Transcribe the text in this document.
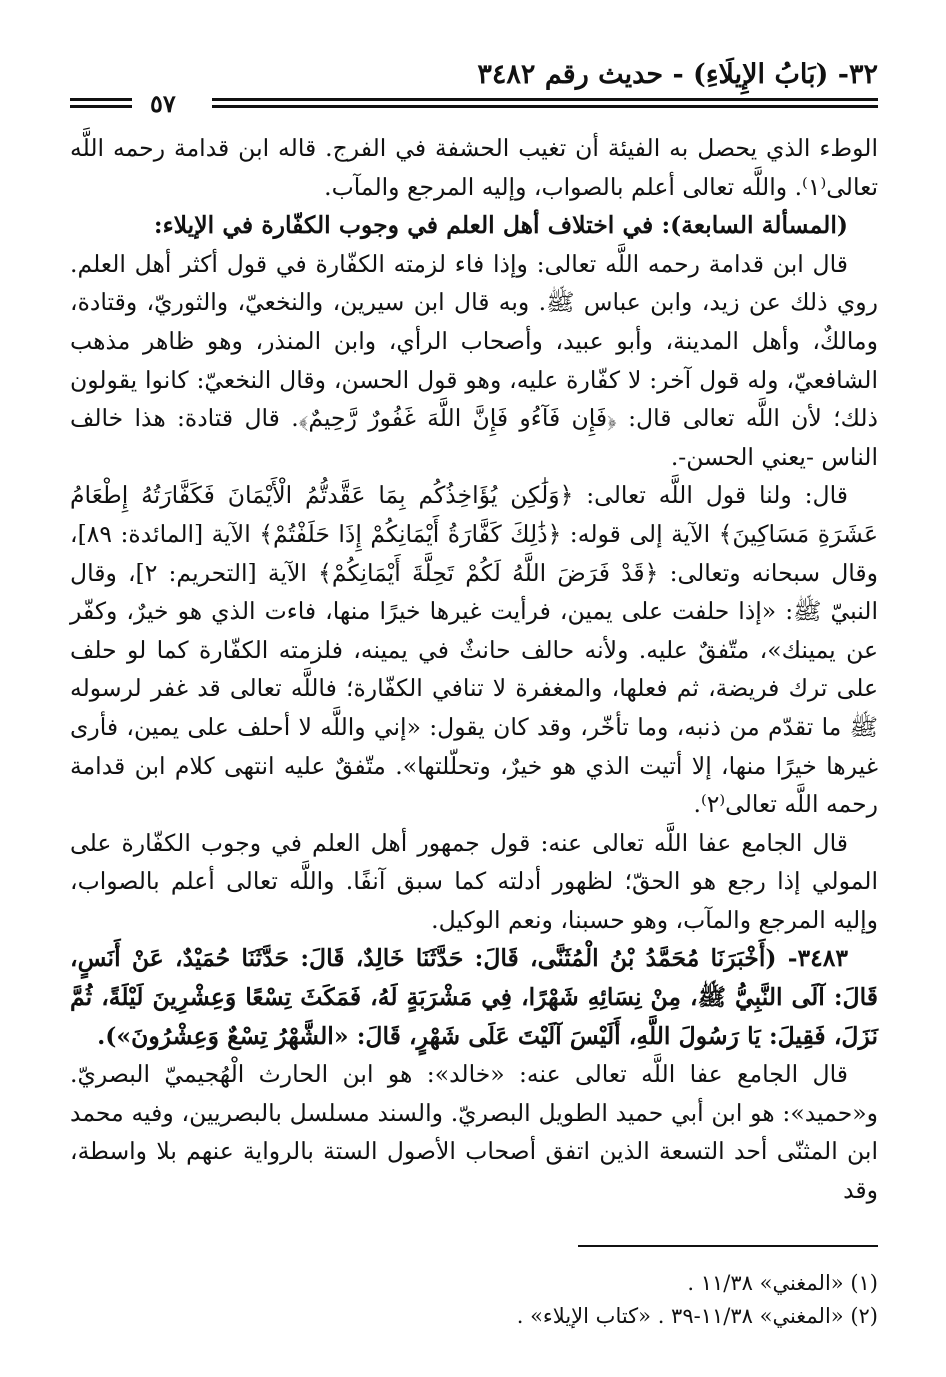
٣٢- (بَابُ الإِيلَاءِ) - حديث رقم ٣٤٨٢
٥٧

الوطء الذي يحصل به الفيئة أن تغيب الحشفة في الفرج. قاله ابن قدامة رحمه اللَّه تعالى⁽١⁾. واللَّه تعالى أعلم بالصواب، وإليه المرجع والمآب.

(المسألة السابعة): في اختلاف أهل العلم في وجوب الكفّارة في الإيلاء:

قال ابن قدامة رحمه اللَّه تعالى: وإذا فاء لزمته الكفّارة في قول أكثر أهل العلم. روي ذلك عن زيد، وابن عباس ﷺ. وبه قال ابن سيرين، والنخعيّ، والثوريّ، وقتادة، ومالكٌ، وأهل المدينة، وأبو عبيد، وأصحاب الرأي، وابن المنذر، وهو ظاهر مذهب الشافعيّ، وله قول آخر: لا كفّارة عليه، وهو قول الحسن، وقال النخعيّ: كانوا يقولون ذلك؛ لأن اللَّه تعالى قال: ﴿فَإِن فَآءُو فَإِنَّ اللَّهَ غَفُورٌ رَّحِيمٌ﴾. قال قتادة: هذا خالف الناس -يعني الحسن-.

قال: ولنا قول اللَّه تعالى: ﴿وَلَٰكِن يُؤَاخِذُكُم بِمَا عَقَّدتُّمُ الْأَيْمَانَ فَكَفَّارَتُهُ إِطْعَامُ عَشَرَةِ مَسَاكِينَ﴾ الآية إلى قوله: ﴿ذَٰلِكَ كَفَّارَةُ أَيْمَانِكُمْ إِذَا حَلَفْتُمْ﴾ الآية [المائدة: ٨٩]، وقال سبحانه وتعالى: ﴿قَدْ فَرَضَ اللَّهُ لَكُمْ تَحِلَّةَ أَيْمَانِكُمْ﴾ الآية [التحريم: ٢]، وقال النبيّ ﷺ: «إذا حلفت على يمين، فرأيت غيرها خيرًا منها، فاءت الذي هو خيرٌ، وكفّر عن يمينك»، متّفقٌ عليه. ولأنه حالف حانثٌ في يمينه، فلزمته الكفّارة كما لو حلف على ترك فريضة، ثم فعلها، والمغفرة لا تنافي الكفّارة؛ فاللَّه تعالى قد غفر لرسوله ﷺ ما تقدّم من ذنبه، وما تأخّر، وقد كان يقول: «إني واللَّه لا أحلف على يمين، فأرى غيرها خيرًا منها، إلا أتيت الذي هو خيرٌ، وتحلّلتها». متّفقٌ عليه انتهى كلام ابن قدامة رحمه اللَّه تعالى⁽٢⁾.

قال الجامع عفا اللَّه تعالى عنه: قول جمهور أهل العلم في وجوب الكفّارة على المولي إذا رجع هو الحقّ؛ لظهور أدلته كما سبق آنفًا. واللَّه تعالى أعلم بالصواب، وإليه المرجع والمآب، وهو حسبنا، ونعم الوكيل.

٣٤٨٣- (أَخْبَرَنَا مُحَمَّدُ بْنُ الْمُثَنَّى، قَالَ: حَدَّثَنَا خَالِدٌ، قَالَ: حَدَّثَنَا حُمَيْدٌ، عَنْ أَنَسٍ، قَالَ: آلَى النَّبِيُّ ﷺ، مِنْ نِسَائِهِ شَهْرًا، فِي مَشْرَبَةٍ لَهُ، فَمَكَثَ تِسْعًا وَعِشْرِينَ لَيْلَةً، ثُمَّ نَزَلَ، فَقِيلَ: يَا رَسُولَ اللَّهِ، أَلَيْسَ آلَيْتَ عَلَى شَهْرٍ، قَالَ: «الشَّهْرُ تِسْعٌ وَعِشْرُونَ»).

قال الجامع عفا اللَّه تعالى عنه: «خالد»: هو ابن الحارث الْهُجيميّ البصريّ. و«حميد»: هو ابن أبي حميد الطويل البصريّ. والسند مسلسل بالبصريين، وفيه محمد ابن المثنّى أحد التسعة الذين اتفق أصحاب الأصول الستة بالرواية عنهم بلا واسطة، وقد

(١) «المغني» ١١/٣٨ .

(٢) «المغني» ١١/٣٨-٣٩ . «كتاب الإيلاء» .
